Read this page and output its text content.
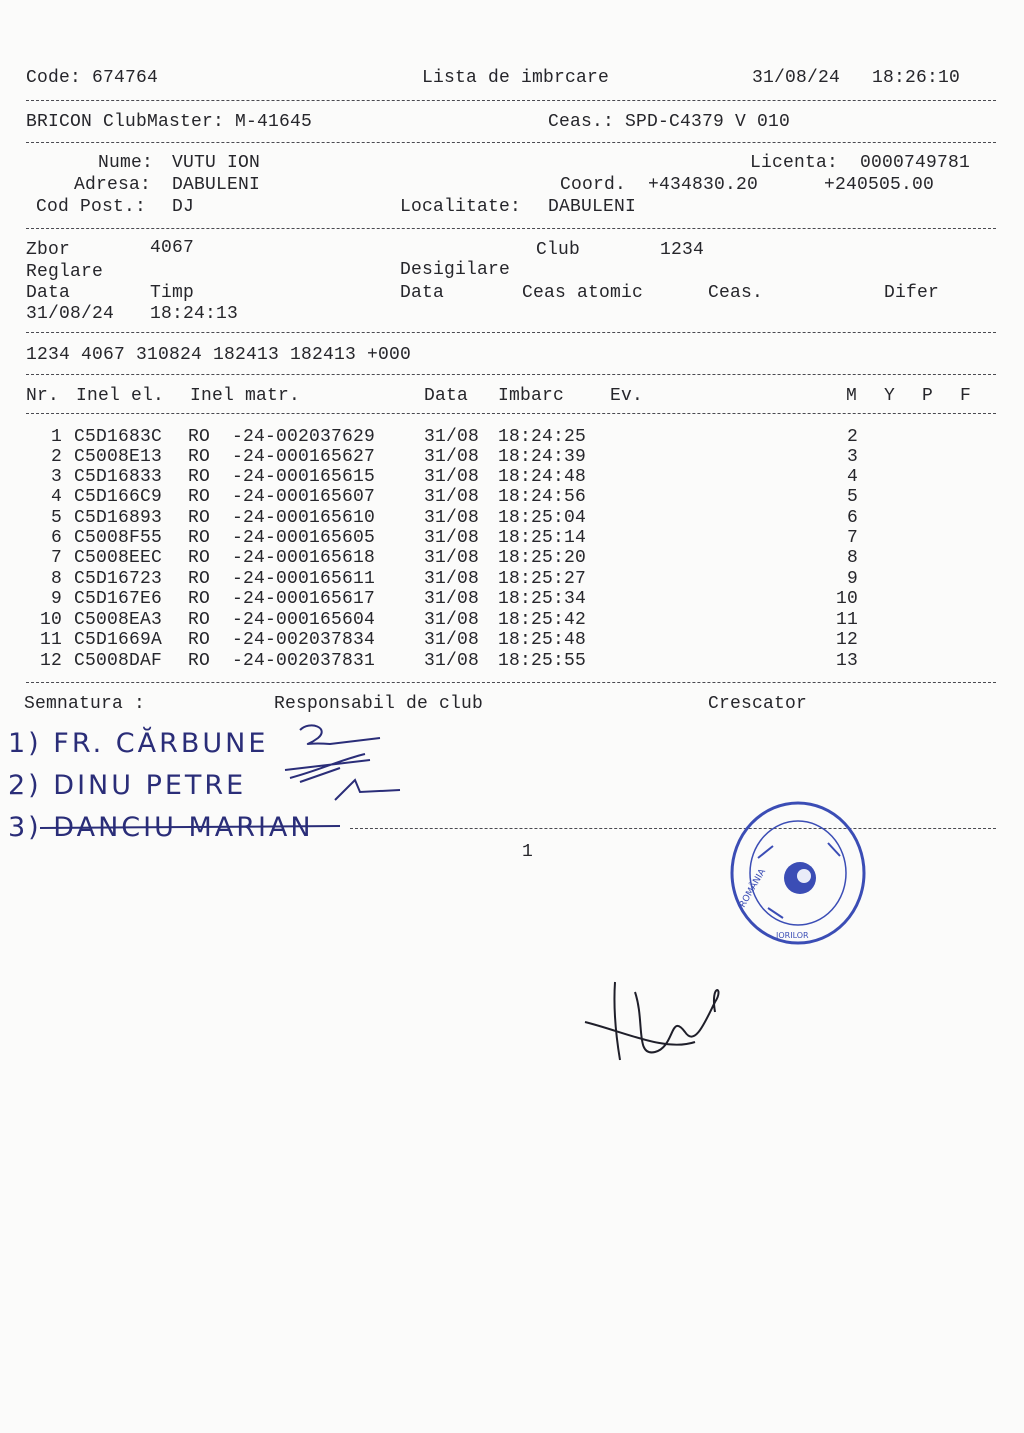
Code: 674764	Lista de imbrcare	31/08/24 18:26:10
BRICON ClubMaster: M-41645	Ceas.: SPD-C4379 V 010
Nume: VUTU ION	Licenta: 0000749781
Adresa: DABULENI	Coord. +434830.20	+240505.00
Cod Post.: DJ	Localitate: DABULENI
Zbor	4067	Club	1234
Reglare	Desigilare
Data	Timp	Data	Ceas atomic	Ceas.	Difer
31/08/24 18:24:13
1234 4067 310824 182413 182413 +000
Nr. Inel el. Inel matr.	Data Imbarc	Ev.	M Y P F
1 C5D1683C RO  -24-002037629	31/08 18:24:25	2
2 C5008E13 RO  -24-000165627	31/08 18:24:39	3
3 C5D16833 RO  -24-000165615	31/08 18:24:48	4
4 C5D166C9 RO  -24-000165607	31/08 18:24:56	5
5 C5D16893 RO  -24-000165610	31/08 18:25:04	6
6 C5008F55 RO  -24-000165605	31/08 18:25:14	7
7 C5008EEC RO  -24-000165618	31/08 18:25:20	8
8 C5D16723 RO  -24-000165611	31/08 18:25:27	9
9 C5D167E6 RO  -24-000165617	31/08 18:25:34	10
10 C5008EA3 RO  -24-000165604	31/08 18:25:42	11
11 C5D1669A RO  -24-002037834	31/08 18:25:48	12
12 C5008DAF RO  -24-002037831	31/08 18:25:55	13
Semnatura :	Responsabil de club	Crescator
1) FR. CĂRBUNE
2) DINU PETRE
3) DANCIU MARIAN
1
ROMÂNIA
IORILOR
